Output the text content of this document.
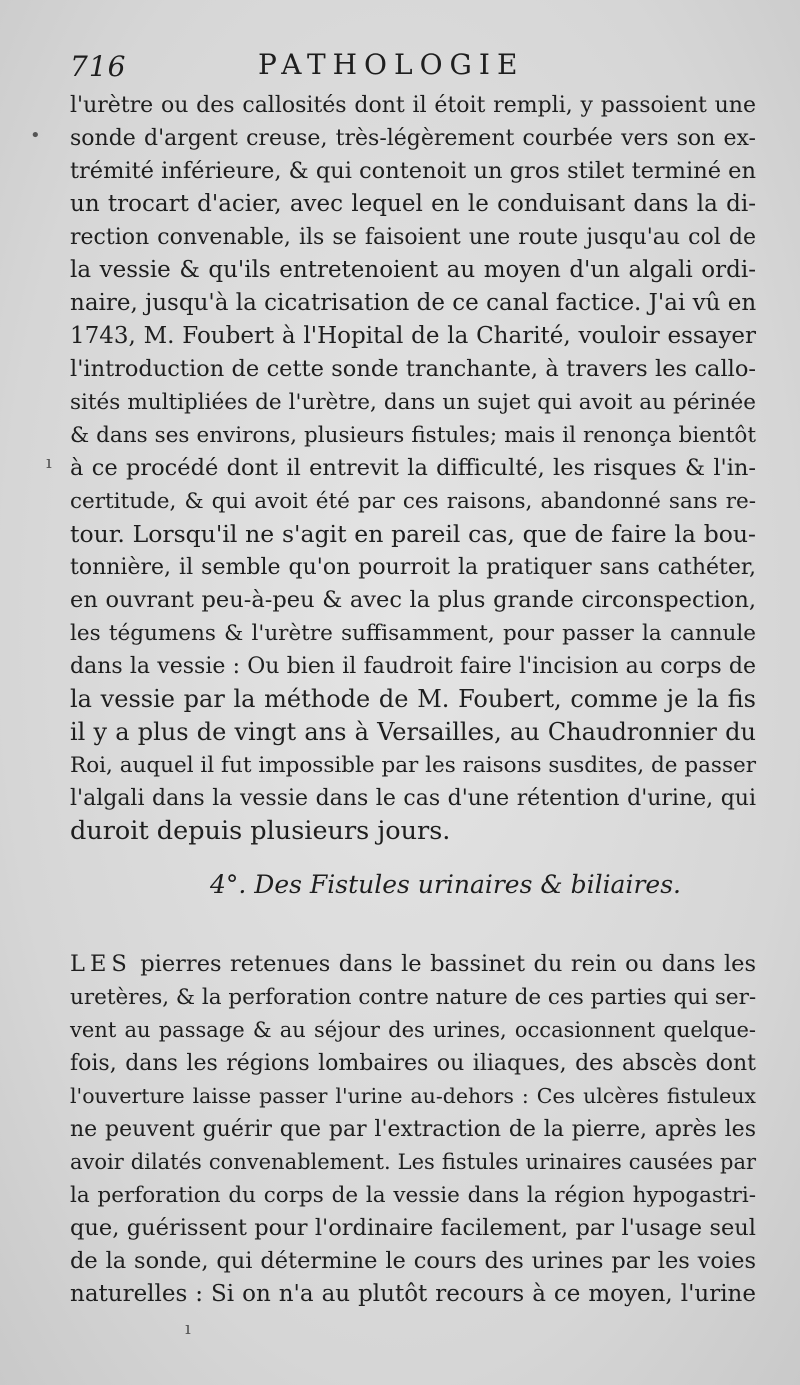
716	PATHOLOGIE
l'urètre ou des callosités dont il étoit rempli, y passoient une
sonde d'argent creuse, très-légèrement courbée vers son ex-
trémité inférieure, & qui contenoit un gros stilet terminé en
un trocart d'acier, avec lequel en le conduisant dans la di-
rection convenable, ils se faisoient une route jusqu'au col de
la vessie & qu'ils entretenoient au moyen d'un algali ordi-
naire, jusqu'à la cicatrisation de ce canal factice. J'ai vû en
1743, M. Foubert à l'Hopital de la Charité, vouloir essayer
l'introduction de cette sonde tranchante, à travers les callo-
sités multipliées de l'urètre, dans un sujet qui avoit au périnée
& dans ses environs, plusieurs fistules; mais il renonça bientôt
à ce procédé dont il entrevit la difficulté, les risques & l'in-
certitude, & qui avoit été par ces raisons, abandonné sans re-
tour. Lorsqu'il ne s'agit en pareil cas, que de faire la bou-
tonnière, il semble qu'on pourroit la pratiquer sans cathéter,
en ouvrant peu-à-peu & avec la plus grande circonspection,
les tégumens & l'urètre suffisamment, pour passer la cannule
dans la vessie : Ou bien il faudroit faire l'incision au corps de
la vessie par la méthode de M. Foubert, comme je la fis
il y a plus de vingt ans à Versailles, au Chaudronnier du
Roi, auquel il fut impossible par les raisons susdites, de passer
l'algali dans la vessie dans le cas d'une rétention d'urine, qui
duroit depuis plusieurs jours.
4°. Des Fistules urinaires & biliaires.
LES pierres retenues dans le bassinet du rein ou dans les
uretères, & la perforation contre nature de ces parties qui ser-
vent au passage & au séjour des urines, occasionnent quelque-
fois, dans les régions lombaires ou iliaques, des abscès dont
l'ouverture laisse passer l'urine au-dehors : Ces ulcères fistuleux
ne peuvent guérir que par l'extraction de la pierre, après les
avoir dilatés convenablement. Les fistules urinaires causées par
la perforation du corps de la vessie dans la région hypogastri-
que, guérissent pour l'ordinaire facilement, par l'usage seul
de la sonde, qui détermine le cours des urines par les voies
naturelles : Si on n'a au plutôt recours à ce moyen, l'urine
•
ı
ı
